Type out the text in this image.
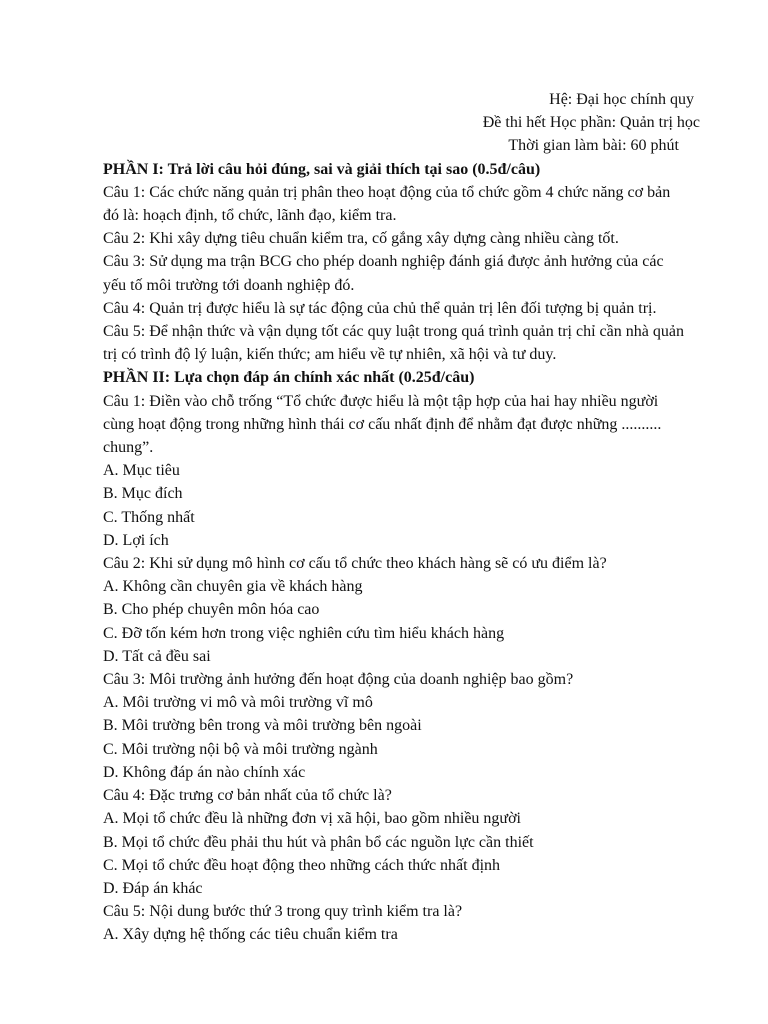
Hệ: Đại học chính quy
Đề thi hết Học phần: Quản trị học
Thời gian làm bài: 60 phút
PHẦN I: Trả lời câu hỏi đúng, sai và giải thích tại sao (0.5đ/câu)
Câu 1: Các chức năng quản trị phân theo hoạt động của tổ chức gồm 4 chức năng cơ bản
đó là: hoạch định, tổ chức, lãnh đạo, kiểm tra.
Câu 2: Khi xây dựng tiêu chuẩn kiểm tra, cố gắng xây dựng càng nhiều càng tốt.
Câu 3: Sử dụng ma trận BCG cho phép doanh nghiệp đánh giá được ảnh hưởng của các
yếu tố môi trường tới doanh nghiệp đó.
Câu 4: Quản trị được hiểu là sự tác động của chủ thể quản trị lên đối tượng bị quản trị.
Câu 5: Để nhận thức và vận dụng tốt các quy luật trong quá trình quản trị chỉ cần nhà quản
trị có trình độ lý luận, kiến thức; am hiểu về tự nhiên, xã hội và tư duy.
PHẦN II: Lựa chọn đáp án chính xác nhất (0.25đ/câu)
Câu 1: Điền vào chỗ trống “Tổ chức được hiểu là một tập hợp của hai hay nhiều người
cùng hoạt động trong những hình thái cơ cấu nhất định để nhằm đạt được những ..........
chung”.
A. Mục tiêu
B. Mục đích
C. Thống nhất
D. Lợi ích
Câu 2: Khi sử dụng mô hình cơ cấu tổ chức theo khách hàng sẽ có ưu điểm là?
A. Không cần chuyên gia về khách hàng
B. Cho phép chuyên môn hóa cao
C. Đỡ tốn kém hơn trong việc nghiên cứu tìm hiểu khách hàng
D. Tất cả đều sai
Câu 3: Môi trường ảnh hưởng đến hoạt động của doanh nghiệp bao gồm?
A. Môi trường vi mô và môi trường vĩ mô
B. Môi trường bên trong và môi trường bên ngoài
C. Môi trường nội bộ và môi trường ngành
D. Không đáp án nào chính xác
Câu 4: Đặc trưng cơ bản nhất của tổ chức là?
A. Mọi tổ chức đều là những đơn vị xã hội, bao gồm nhiều người
B. Mọi tổ chức đều phải thu hút và phân bổ các nguồn lực cần thiết
C. Mọi tổ chức đều hoạt động theo những cách thức nhất định
D. Đáp án khác
Câu 5: Nội dung bước thứ 3 trong quy trình kiểm tra là?
A. Xây dựng hệ thống các tiêu chuẩn kiểm tra
